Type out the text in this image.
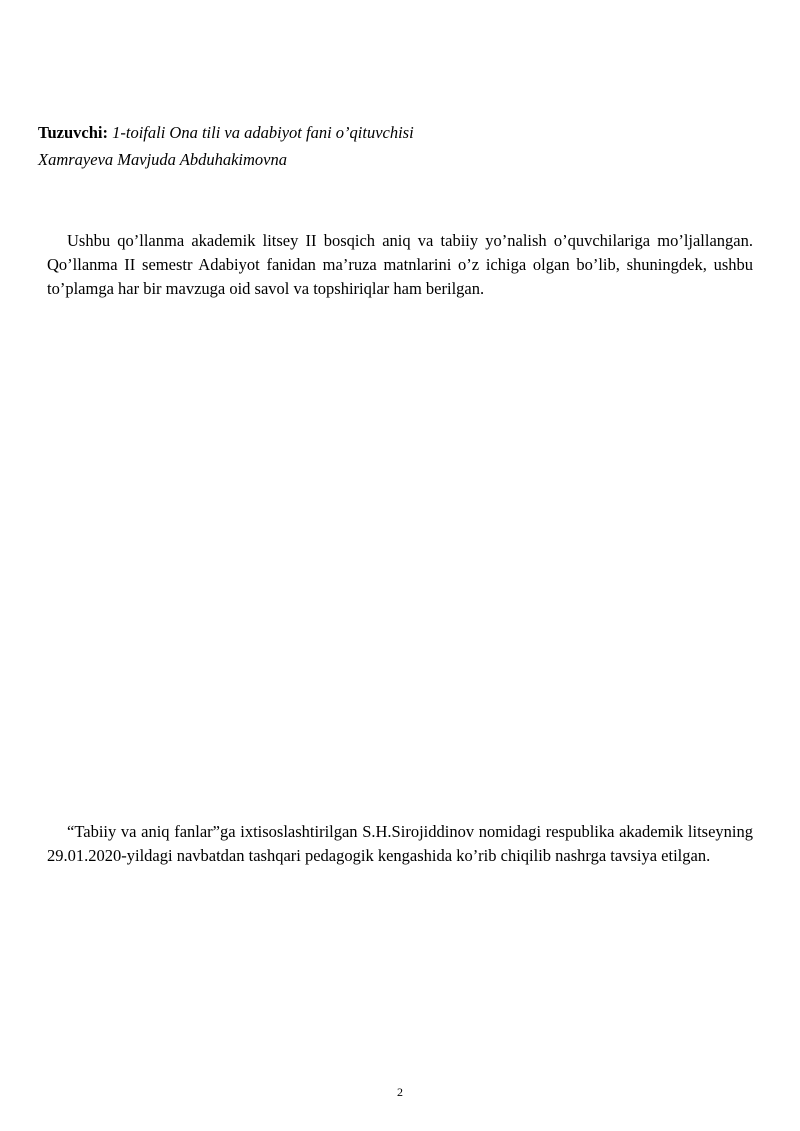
Tuzuvchi: 1-toifali Ona tili va adabiyot fani o’qituvchisi
Xamrayeva Mavjuda Abduhakimovna

Ushbu qo’llanma akademik litsey II bosqich aniq va tabiiy yo’nalish o’quvchilariga mo’ljallangan. Qo’llanma II semestr Adabiyot fanidan ma’ruza matnlarini o’z ichiga olgan bo’lib, shuningdek, ushbu to’plamga har bir mavzuga oid savol va topshiriqlar ham berilgan.

“Tabiiy va aniq fanlar”ga ixtisoslashtirilgan S.H.Sirojiddinov nomidagi respublika akademik litseyning 29.01.2020-yildagi navbatdan tashqari pedagogik kengashida ko’rib chiqilib nashrga tavsiya etilgan.

2
